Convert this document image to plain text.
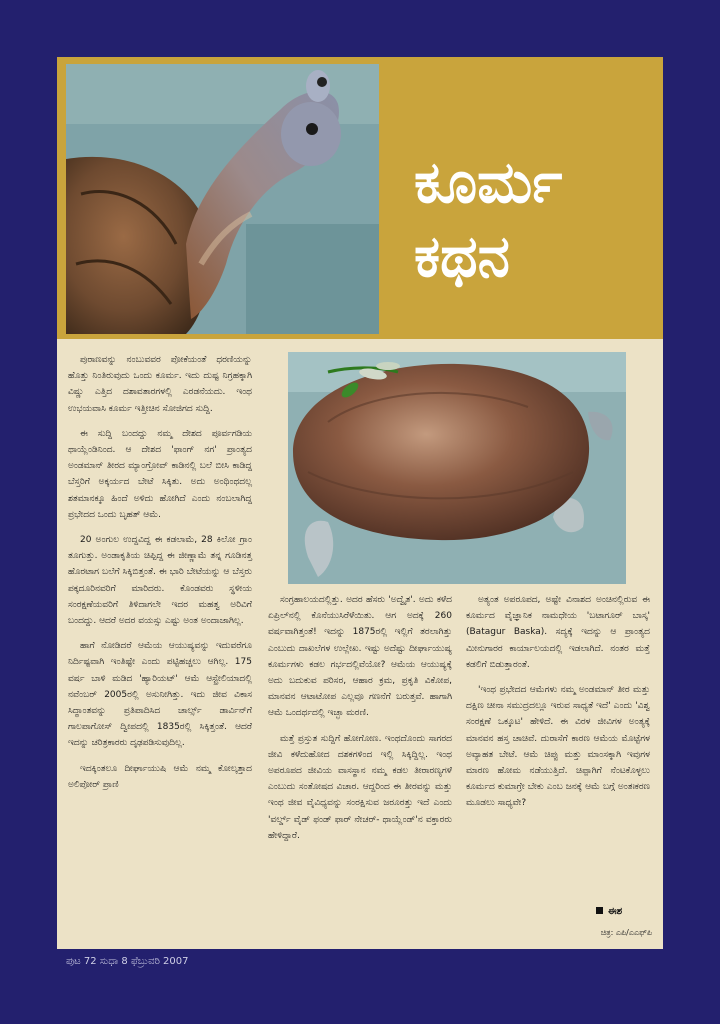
ಕೂರ್ಮ
ಕಥನ

ಪುರಾಣವನ್ನು ನಂಬುವವರ ಪೋಕೆಯಂತೆ ಧರಣಿಯನ್ನು ಹೊತ್ತು ನಿಂತಿರುವುದು ಒಂದು ಕೂರ್ಮ. ಇದು ದುಷ್ಟ ನಿಗ್ರಹಕ್ಕಾಗಿ ವಿಷ್ಣು ಎತ್ತಿದ ದಶಾವತಾರಗಳಲ್ಲಿ ಎರಡನೆಯದು. ಇಂಥ ಉಭಯವಾಸಿ ಕೂರ್ಮ ಇತ್ತೀಚಿನ ಸೋಜಿಗದ ಸುದ್ದಿ.

ಈ ಸುದ್ದಿ ಬಂದದ್ದು ನಮ್ಮ ದೇಶದ ಪೂರ್ವಗಡಿಯ ಥಾಯ್ಲೆಂಡಿನಿಂದ. ಆ ದೇಶದ 'ಫಾಂಗ್ ನಗ' ಪ್ರಾಂತ್ಯದ ಅಂಡಮಾನ್ ತೀರದ ಮ್ಯಾಂಗ್ರೋವ್ ಕಾಡಿನಲ್ಲಿ ಬಲೆ ಬೀಸಿ ಕಾಡಿದ್ದ ಬೆಸ್ತರಿಗೆ ಅಕ್ಕರ್ಯದ ಬೇಟೆ ಸಿಕ್ಕಿತು. ಅದು ಅಂಥಿಂಥದಲ್ಲ ಶತಮಾನಕ್ಕೂ ಹಿಂದೆ ಅಳಿದು ಹೋಗಿದೆ ಎಂದು ನಂಬಲಾಗಿದ್ದ ಪ್ರಭೇದದ ಒಂದು ಬೃಹತ್ ಆಮೆ.

20 ಅಂಗುಲ ಉದ್ದವಿದ್ದ ಈ ಕಡಲಾಮೆ, 28 ಕಿಲೋ ಗ್ರಾಂ ತೂಗುತ್ತು. ಅಂಡಾಕೃತಿಯ ಚಿಪ್ಪಿದ್ದ ಈ ಜೀಣ್ಣಾಮೆ ತನ್ನ ಗೂಡಿನತ್ತ ಹೊರಟಾಗ ಬಲೆಗೆ ಸಿಕ್ಕಿಬಿತ್ತಂತೆ. ಈ ಭಾರಿ ಬೇಟೆಯನ್ನು ಆ ಬೆಸ್ತರು ಪಕ್ಕದೂರಿನವರಿಗೆ ಮಾರಿದರು. ಕೊಂಡವರು ಸ್ಥಳೀಯ ಸಂರಕ್ಷಣೆಯವರಿಗೆ ತಿಳಿದಾಗಲೇ ಇದರ ಮಹತ್ವ ಅರಿವಿಗೆ ಬಂದದ್ದು. ಆದರೆ ಅದರ ವಯಸ್ಸು ಎಷ್ಟು ಅಂತ ಅಂದಾಜಾಗಿಲ್ಲ.

ಹಾಗೆ ನೋಡಿದರೆ ಆಮೆಯ ಆಯುಷ್ಯವನ್ನು ಇದುವರೆಗೂ ನಿರ್ದಿಷ್ಟವಾಗಿ ಇಂತಿಷ್ಟೇ ಎಂದು ಪಟ್ಟಿಹಚ್ಚಲು ಆಗಿಲ್ಲ. 175 ವರ್ಷ ಬಾಳಿ ಮಡಿದ 'ಹ್ಯಾರಿಯಟ್' ಆಮೆ ಆಸ್ಟ್ರೇಲಿಯಾದಲ್ಲಿ ನವೆಂಬರ್ 2005ರಲ್ಲಿ ಅಸುನೀಗಿತ್ತು. ಇದು ಜೀವ ವಿಕಾಸ ಸಿದ್ಧಾಂತವನ್ನು ಪ್ರತಿಪಾದಿಸಿದ ಚಾರ್ಲ್ಸ್ ಡಾರ್ವಿನ್‌ಗೆ ಗಾಲಪಾಗೋಸ್ ದ್ವೀಪದಲ್ಲಿ 1835ರಲ್ಲಿ ಸಿಕ್ಕಿತ್ತಂತೆ. ಆದರೆ ಇದನ್ನು ಚರಿತ್ರಕಾರರು ದೃಢಪಡಿಸುವುದಿಲ್ಲ.

ಇದಕ್ಕಿಂತಲೂ ದೀರ್ಘಾಯುಷಿ ಆಮೆ ನಮ್ಮ ಕೋಲ್ಕತ್ತಾದ ಅಲಿಪೋರ್ ಪ್ರಾಣಿ

ಸಂಗ್ರಹಾಲಯದಲ್ಲಿತ್ತು. ಅದರ ಹೆಸರು 'ಅದ್ವೈತ'. ಅದು ಕಳೆದ ಏಪ್ರಿಲ್‌ನಲ್ಲಿ ಕೊನೆಯುಸಿರೆಳೆಯಿತು. ಆಗ ಅದಕ್ಕೆ 260 ವರ್ಷವಾಗಿತ್ತಂತೆ! ಇದನ್ನು 1875ರಲ್ಲಿ ಇಲ್ಲಿಗೆ ತರಲಾಗಿತ್ತು ಎಂಬುದು ದಾಖಲೆಗಳ ಉಲ್ಲೇಖ. ಇಷ್ಟು ಅದೆಷ್ಟು ದೀರ್ಘಾಯುಷ್ಯ ಕೂರ್ಮಗಳು ಕಡಲ ಗರ್ಭದಲ್ಲಿವೆಯೋ? ಆಮೆಯ ಆಯುಷ್ಯಕ್ಕೆ ಅದು ಬದುಕುವ ಪರಿಸರ, ಆಹಾರ ಕ್ರಮ, ಪ್ರಕೃತಿ ವಿಕೋಪ, ಮಾನವನ ಆಟಾಟೋಪ ಎಲ್ಲವೂ ಗಣನೆಗೆ ಬರುತ್ತವೆ. ಹಾಗಾಗಿ ಆಮೆ ಒಂದರ್ಥದಲ್ಲಿ ಇಚ್ಛಾ ಮರಣಿ.

ಮತ್ತೆ ಪ್ರಸ್ತುತ ಸುದ್ದಿಗೆ ಹೋಗೋಣ. ಇಂಥದೊಂದು ಸಾಗರದ ಜೀವಿ ಕಳೆದುಹೋದ ದಶಕಗಳಿಂದ ಇಲ್ಲಿ ಸಿಕ್ಕಿದ್ದಿಲ್ಲ. ಇಂಥ ಅಪರೂಪದ ಜೀವಿಯ ವಾಸಸ್ಥಾನ ನಮ್ಮ ಕಡಲ ತೀರಾರಣ್ಯಗಳೆ ಎಂಬುದು ಸಂತೋಷದ ವಿಚಾರ. ಆದ್ದರಿಂದ ಈ ತೀರವನ್ನು ಮತ್ತು ಇಂಥ ಜೀವ ವೈವಿಧ್ಯವನ್ನು ಸಂರಕ್ಷಿಸುವ ಜರೂರತ್ತು ಇದೆ ಎಂದು 'ವರ್ಲ್ಡ್ ವೈಡ್ ಫಂಡ್ ಫಾರ್ ನೇಚರ್- ಥಾಯ್ಲೆಂಡ್'ನ ವಕ್ತಾರರು ಹೇಳಿದ್ದಾರೆ.

ಅತ್ಯಂತ ಅಪರೂಪದ, ಅಷ್ಟೇ ವಿನಾಶದ ಅಂಚಿನಲ್ಲಿರುವ ಈ ಕೂರ್ಮದ ವೈಜ್ಞಾನಿಕ ನಾಮಧೇಯ 'ಬಟಾಗೂರ್ ಬಾಸ್ಕ' (Batagur Baska). ಸದ್ಯಕ್ಕೆ ಇದನ್ನು ಆ ಪ್ರಾಂತ್ಯದ ಮೀನುಗಾರರ ಕಾರ್ಯಾಲಯದಲ್ಲಿ ಇಡಲಾಗಿದೆ. ನಂತರ ಮತ್ತೆ ಕಡಲಿಗೆ ಬಿಡುತ್ತಾರಂತೆ.

'ಇಂಥ ಪ್ರಭೇದದ ಆಮೆಗಳು ನಮ್ಮ ಅಂಡಮಾನ್ ತೀರ ಮತ್ತು ದಕ್ಷಿಣ ಚೀನಾ ಸಮುದ್ರದಲ್ಲೂ ಇರುವ ಸಾಧ್ಯತೆ ಇದೆ' ಎಂದು 'ವಿಶ್ವ ಸಂರಕ್ಷಣೆ ಒಕ್ಕೂಟ' ಹೇಳಿದೆ. ಈ ವಿರಳ ಜೀವಿಗಳ ಅಂತ್ಯಕ್ಕೆ ಮಾನವನ ಹಸ್ತ ಚಾಚಿವೆ. ದುರಾಸೆಗೆ ಕಾರಣ ಆಮೆಯ ಮೊಟ್ಟೆಗಳ ಅವ್ಯಾಹತ ಬೇಟೆ. ಆಮೆ ಚಿಪ್ಪು ಮತ್ತು ಮಾಂಸಕ್ಕಾಗಿ ಇವುಗಳ ಮಾರಣ ಹೋಮ ನಡೆಯುತ್ತಿದೆ. ಚಿಪ್ಪಾಗಿಗೆ ನೆಂಟಕೊಳ್ಳಲು ಕೂರ್ಮದ ಕುಮಾಗ್ರೇ ಬೇಕು ಎಂಬ ಜನಕ್ಕೆ ಆಮೆ ಬಗ್ಗೆ ಅಂತಃಕರಣ ಮೂಡಲು ಸಾಧ್ಯವೇ?

ಈಶ
ಚಿತ್ರ: ಎಪಿ/ಎಎಫ್‌ಪಿ
ಪುಟ 72 ಸುಧಾ 8 ಫೆಬ್ರುವರಿ 2007
